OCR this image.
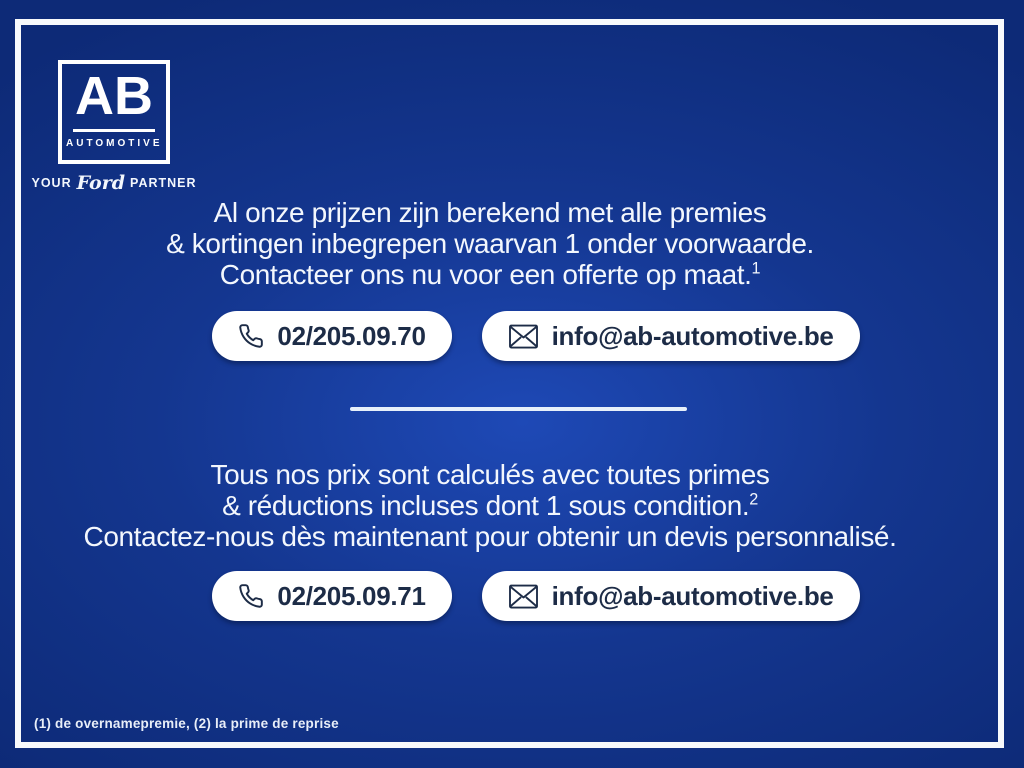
AB
AUTOMOTIVE
YOUR Ford PARTNER
Al onze prijzen zijn berekend met alle premies
& kortingen inbegrepen waarvan 1 onder voorwaarde.
Contacteer ons nu voor een offerte op maat.$^1$
02/205.09.70	info@ab-automotive.be
Tous nos prix sont calculés avec toutes primes
& réductions incluses dont 1 sous condition.$^2$
Contactez-nous dès maintenant pour obtenir un devis personnalisé.
02/205.09.71	info@ab-automotive.be
(1) de overnamepremie, (2) la prime de reprise
